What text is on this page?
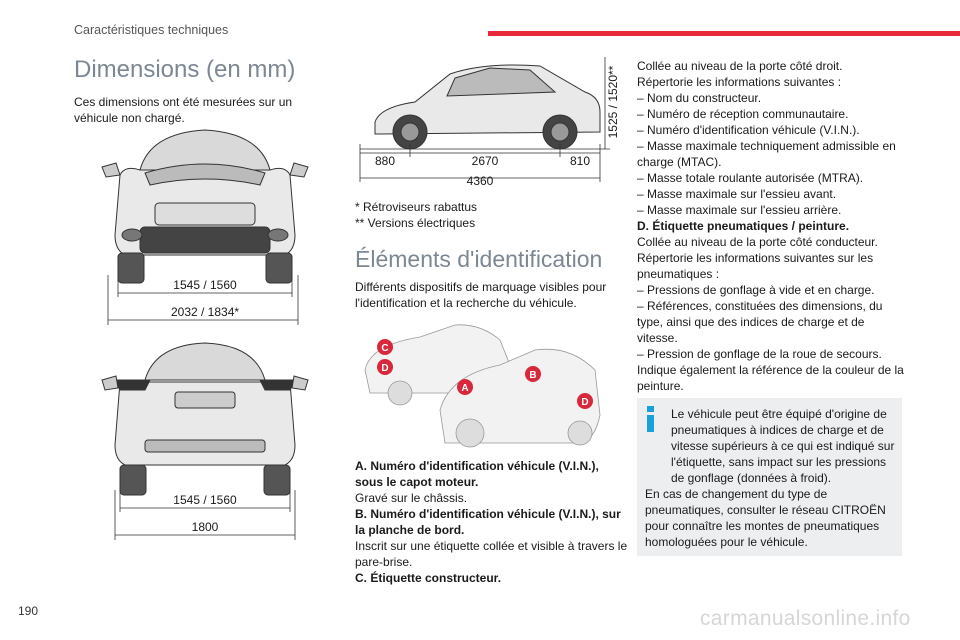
Caractéristiques techniques
Dimensions (en mm)

Ces dimensions ont été mesurées sur un véhicule non chargé.

1545 / 1560
2032 / 1834*
1545 / 1560
1800
880	2670	810
4360
1525 / 1520**
* Rétroviseurs rabattus
** Versions électriques
Éléments d'identification
Différents dispositifs de marquage visibles pour l'identification et la recherche du véhicule.
C
D
A
B
D
A. Numéro d'identification véhicule (V.I.N.), sous le capot moteur.
Gravé sur le châssis.
B. Numéro d'identification véhicule (V.I.N.), sur la planche de bord.
Inscrit sur une étiquette collée et visible à travers le pare-brise.
C. Étiquette constructeur.
Collée au niveau de la porte côté droit.
Répertorie les informations suivantes :
– Nom du constructeur.
– Numéro de réception communautaire.
– Numéro d'identification véhicule (V.I.N.).
– Masse maximale techniquement admissible en charge (MTAC).
– Masse totale roulante autorisée (MTRA).
– Masse maximale sur l'essieu avant.
– Masse maximale sur l'essieu arrière.
D. Étiquette pneumatiques / peinture.
Collée au niveau de la porte côté conducteur.
Répertorie les informations suivantes sur les pneumatiques :
– Pressions de gonflage à vide et en charge.
– Références, constituées des dimensions, du type, ainsi que des indices de charge et de vitesse.
– Pression de gonflage de la roue de secours.
Indique également la référence de la couleur de la peinture.
Le véhicule peut être équipé d'origine de pneumatiques à indices de charge et de vitesse supérieurs à ce qui est indiqué sur l'étiquette, sans impact sur les pressions de gonflage (données à froid).
En cas de changement du type de pneumatiques, consulter le réseau CITROËN pour connaître les montes de pneumatiques homologuées pour le véhicule.
190	carmanualsonline.info
